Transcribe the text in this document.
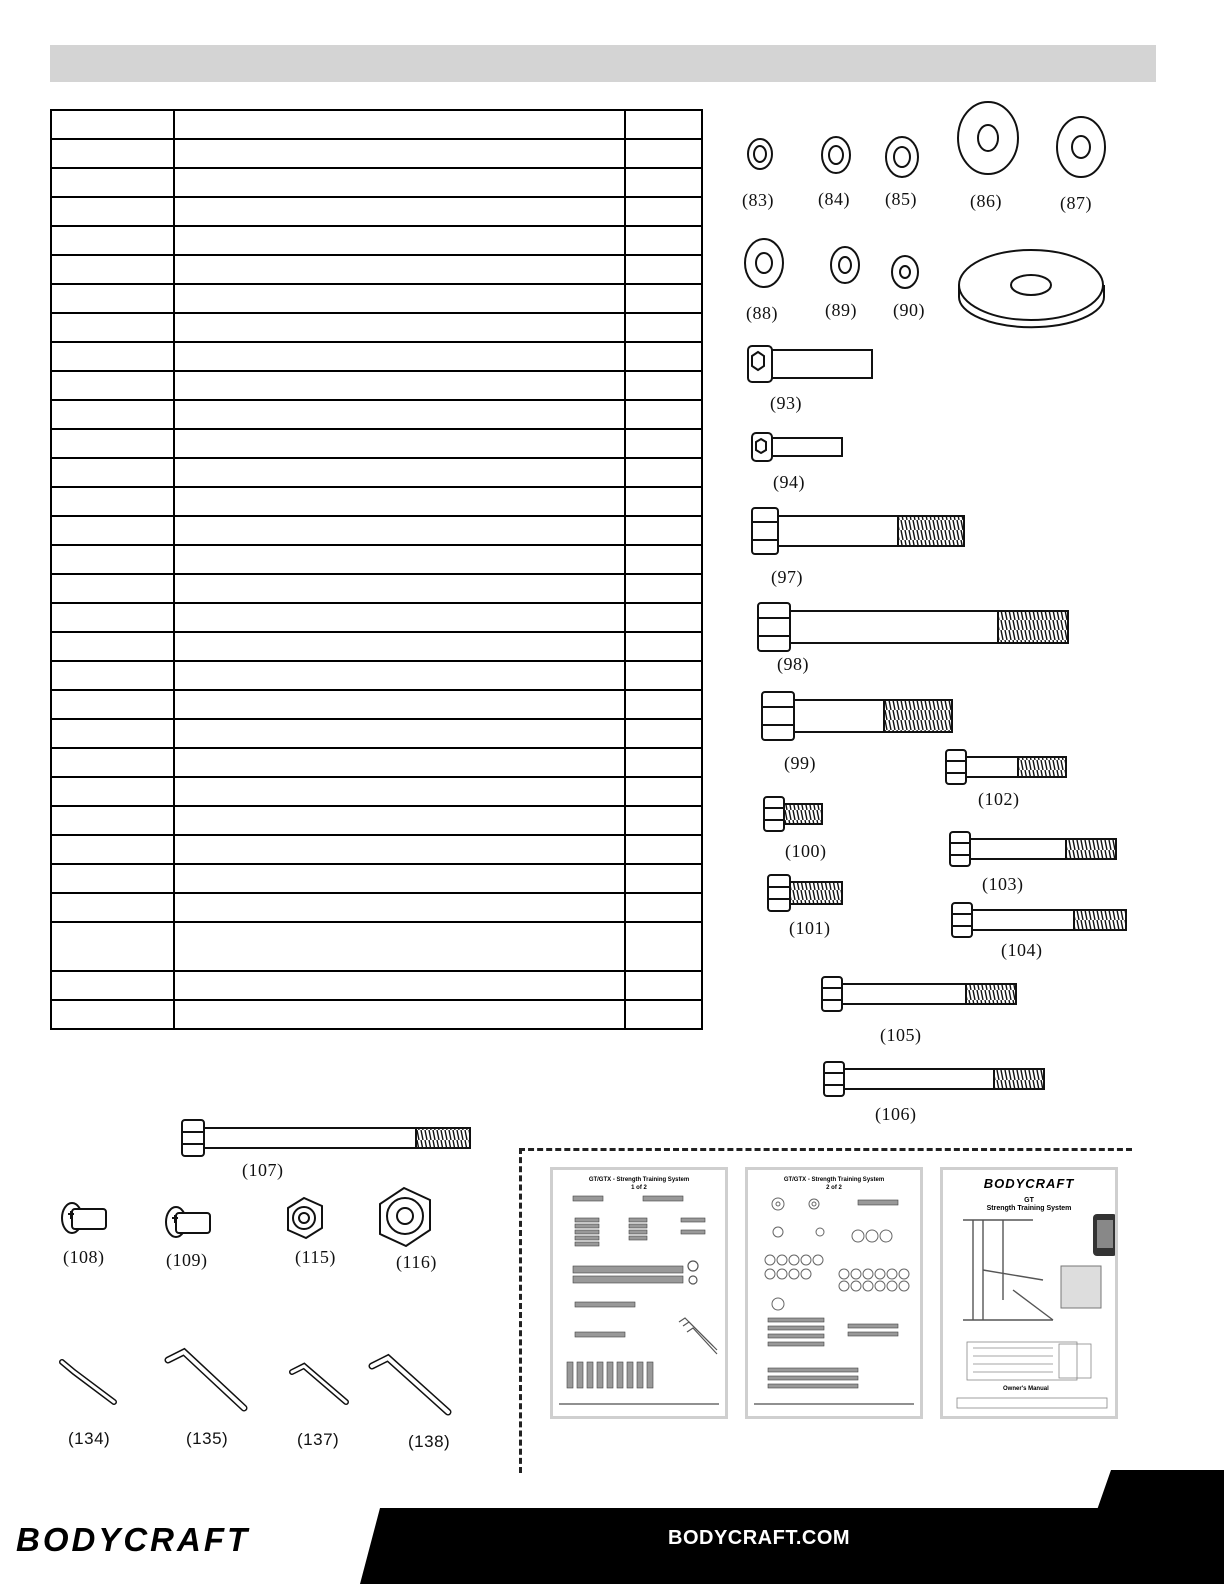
(83) (84) (85)	(86)	(87)
(88)	(89) (90)
(93)
(94)
(97)
(98)
(99)
(100)
(101)
(102)
(103)
(104)
(105)
(106)
(107)
(108)	(109)	(115)	(116)
(134)	(135)	(137)	(138)
GT/GTX - Strength Training System
1 of 2
GT/GTX - Strength Training System
2 of 2	BODYCRAFT
GT
Strength Training System
Owner's Manual
BODYCRAFT	BODYCRAFT.COM
